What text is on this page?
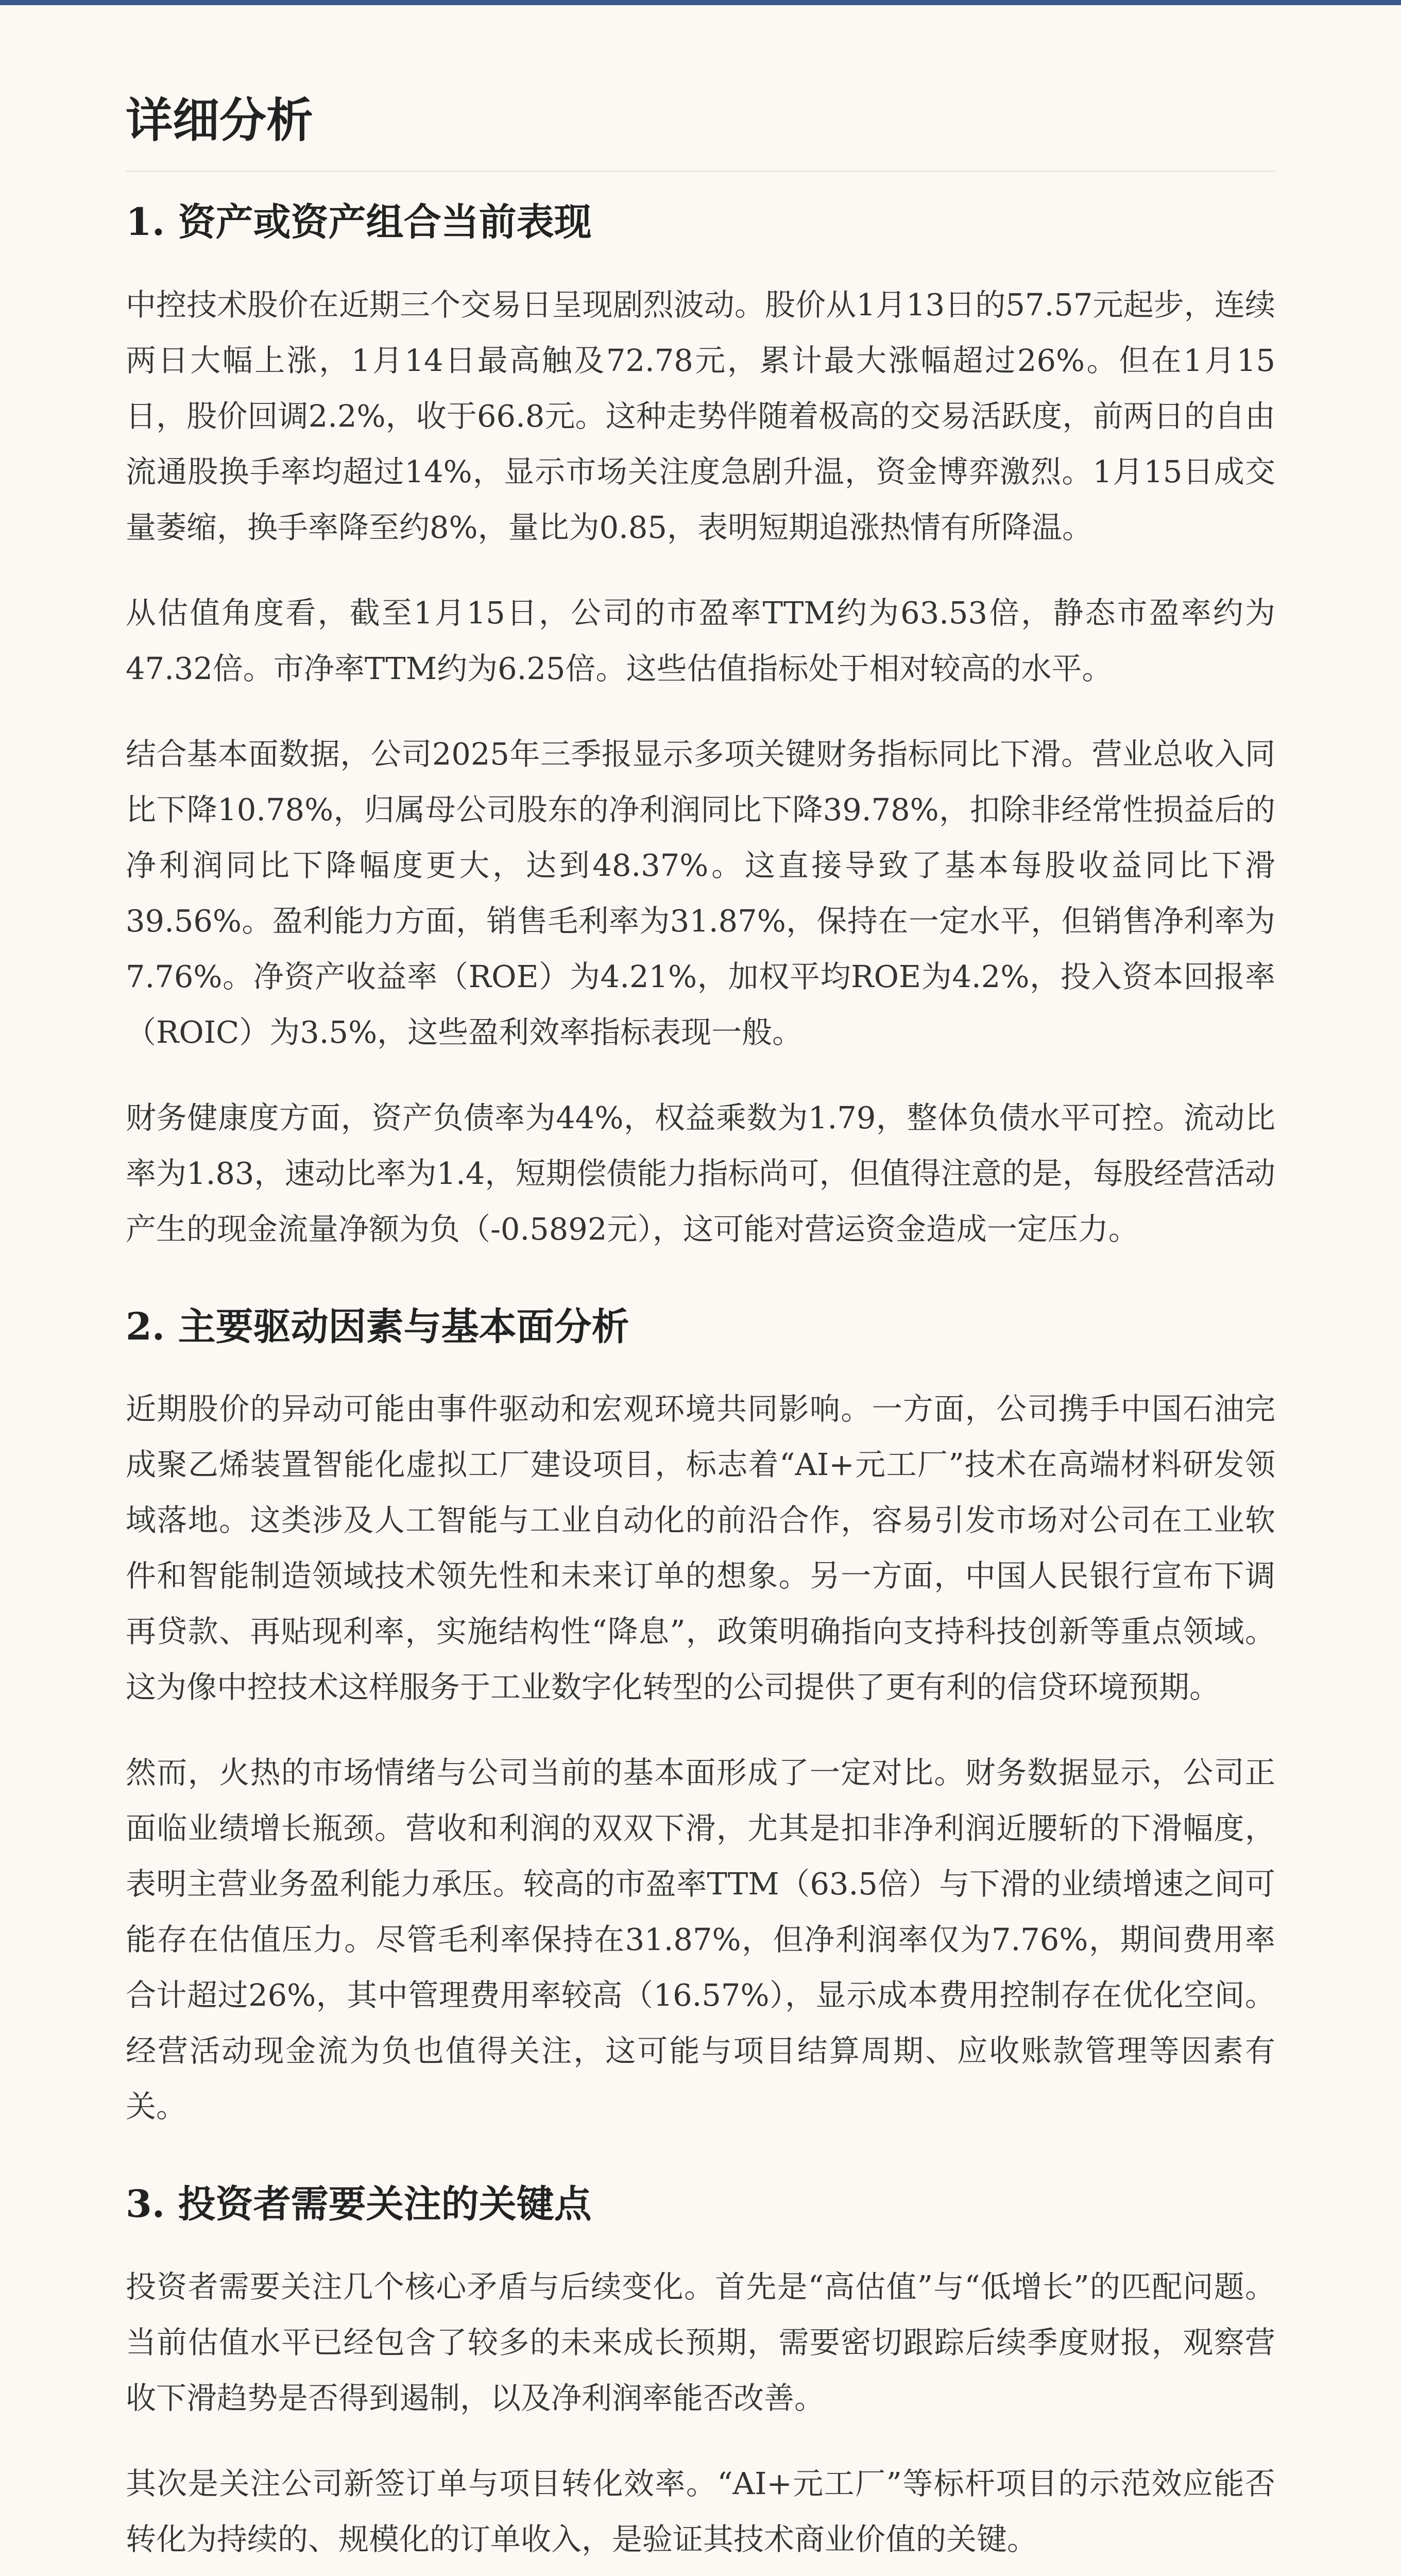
详细分析
1. 资产或资产组合当前表现

中控技术股价在近期三个交易日呈现剧烈波动。股价从1月13日的57.57元起步，连续两日大幅上涨，1月14日最高触及72.78元，累计最大涨幅超过26%。但在1月15日，股价回调2.2%，收于66.8元。这种走势伴随着极高的交易活跃度，前两日的自由流通股换手率均超过14%，显示市场关注度急剧升温，资金博弈激烈。1月15日成交量萎缩，换手率降至约8%，量比为0.85，表明短期追涨热情有所降温。

从估值角度看，截至1月15日，公司的市盈率TTM约为63.53倍，静态市盈率约为47.32倍。市净率TTM约为6.25倍。这些估值指标处于相对较高的水平。

结合基本面数据，公司2025年三季报显示多项关键财务指标同比下滑。营业总收入同比下降10.78%，归属母公司股东的净利润同比下降39.78%，扣除非经常性损益后的净利润同比下降幅度更大，达到48.37%。这直接导致了基本每股收益同比下滑39.56%。盈利能力方面，销售毛利率为31.87%，保持在一定水平，但销售净利率为7.76%。净资产收益率（ROE）为4.21%，加权平均ROE为4.2%，投入资本回报率（ROIC）为3.5%，这些盈利效率指标表现一般。

财务健康度方面，资产负债率为44%，权益乘数为1.79，整体负债水平可控。流动比率为1.83，速动比率为1.4，短期偿债能力指标尚可，但值得注意的是，每股经营活动产生的现金流量净额为负（-0.5892元），这可能对营运资金造成一定压力。

2. 主要驱动因素与基本面分析

近期股价的异动可能由事件驱动和宏观环境共同影响。一方面，公司携手中国石油完成聚乙烯装置智能化虚拟工厂建设项目，标志着“AI+元工厂”技术在高端材料研发领域落地。这类涉及人工智能与工业自动化的前沿合作，容易引发市场对公司在工业软件和智能制造领域技术领先性和未来订单的想象。另一方面，中国人民银行宣布下调再贷款、再贴现利率，实施结构性“降息”，政策明确指向支持科技创新等重点领域。这为像中控技术这样服务于工业数字化转型的公司提供了更有利的信贷环境预期。

然而，火热的市场情绪与公司当前的基本面形成了一定对比。财务数据显示，公司正面临业绩增长瓶颈。营收和利润的双双下滑，尤其是扣非净利润近腰斩的下滑幅度，表明主营业务盈利能力承压。较高的市盈率TTM（63.5倍）与下滑的业绩增速之间可能存在估值压力。尽管毛利率保持在31.87%，但净利润率仅为7.76%，期间费用率合计超过26%，其中管理费用率较高（16.57%），显示成本费用控制存在优化空间。经营活动现金流为负也值得关注，这可能与项目结算周期、应收账款管理等因素有关。

3. 投资者需要关注的关键点

投资者需要关注几个核心矛盾与后续变化。首先是“高估值”与“低增长”的匹配问题。当前估值水平已经包含了较多的未来成长预期，需要密切跟踪后续季度财报，观察营收下滑趋势是否得到遏制，以及净利润率能否改善。

其次是关注公司新签订单与项目转化效率。“AI+元工厂”等标杆项目的示范效应能否转化为持续的、规模化的订单收入，是验证其技术商业价值的关键。
